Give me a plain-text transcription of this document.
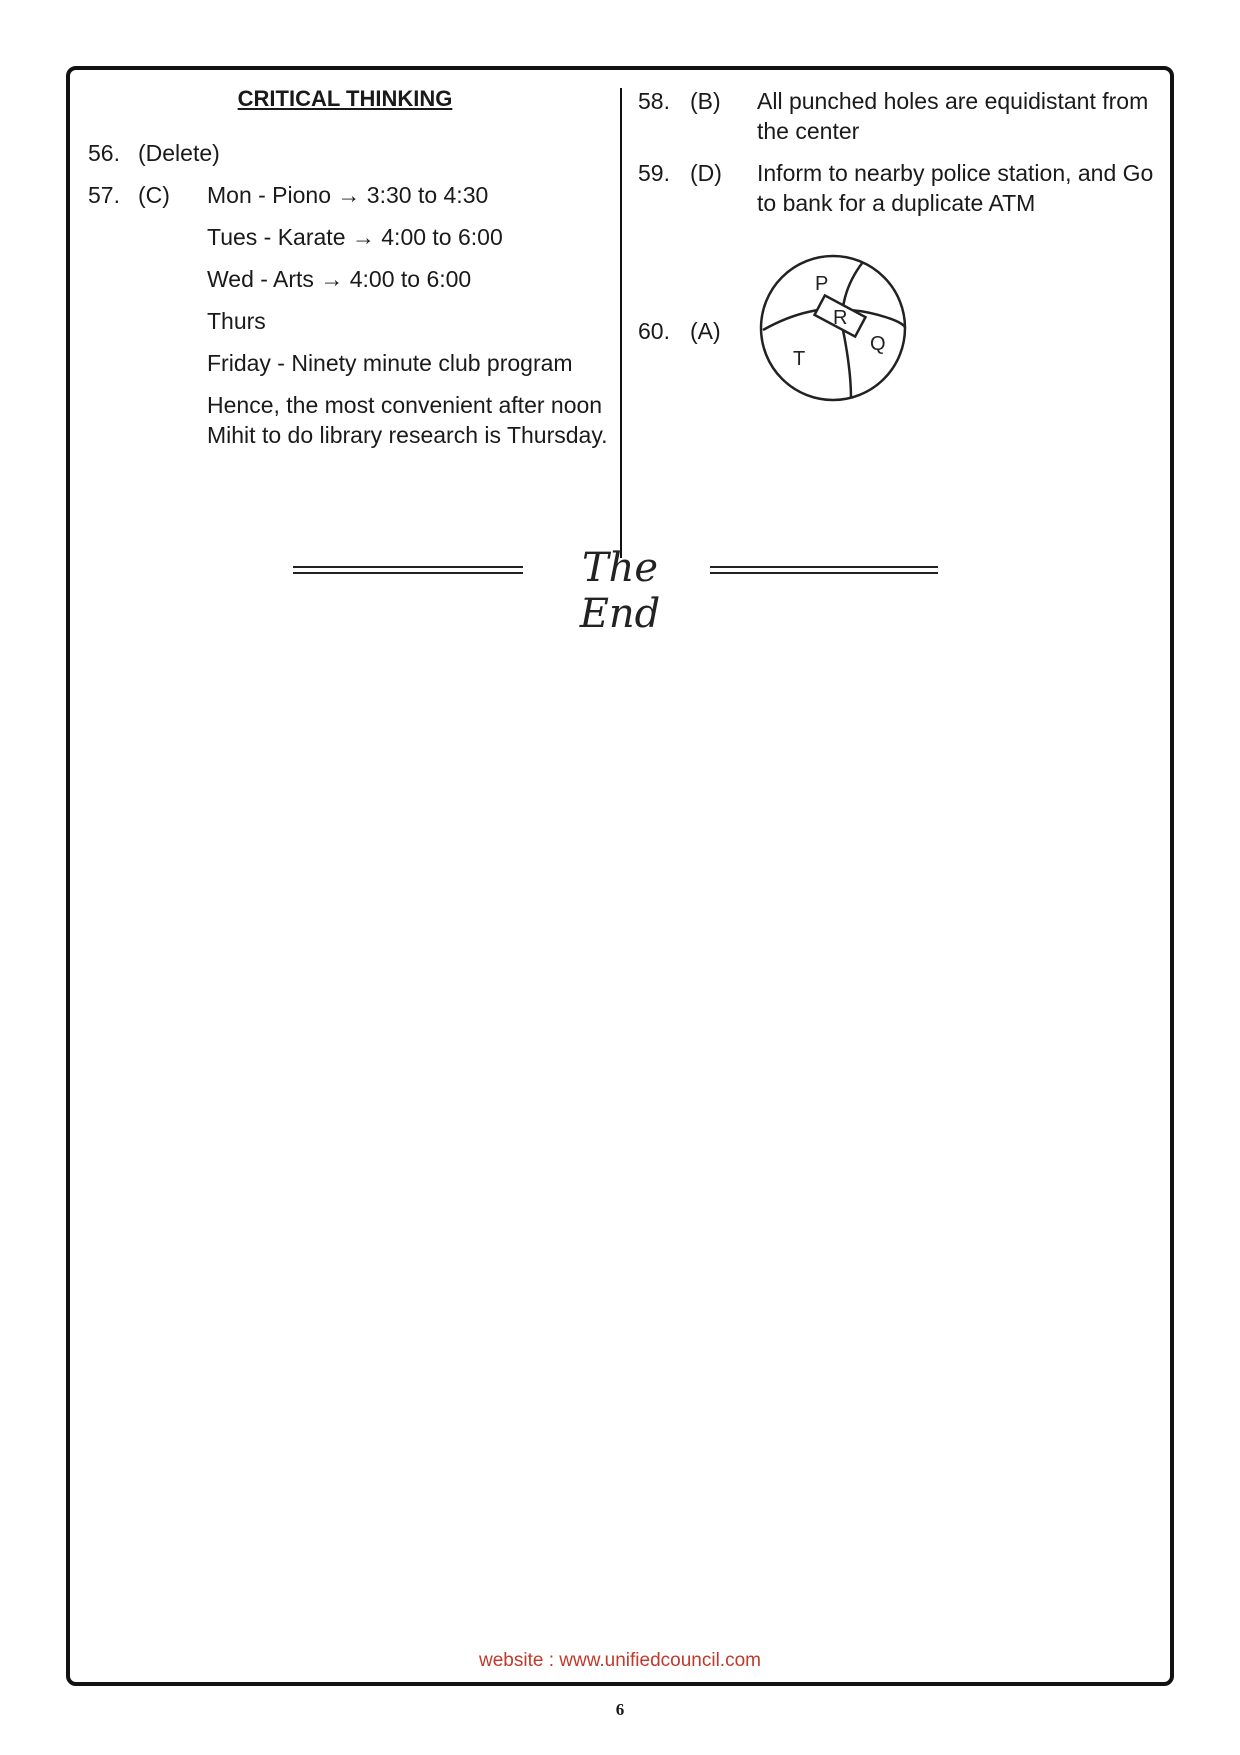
CRITICAL THINKING
56. (Delete)
57. (C) Mon - Piono → 3:30 to 4:30
Tues - Karate → 4:00 to 6:00
Wed - Arts → 4:00 to 6:00
Thurs
Friday - Ninety minute club program
Hence, the most convenient after noon Mihit to do library research is Thursday.
58. (B) All punched holes are equidistant from the center
59. (D) Inform to nearby police station, and Go to bank for a duplicate ATM
60. (A)
P
R
T
Q
The End
website : www.unifiedcouncil.com
6
